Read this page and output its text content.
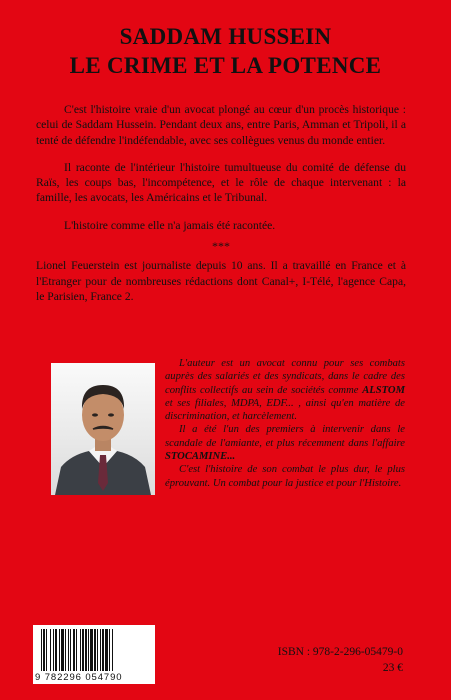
SADDAM HUSSEIN
LE CRIME ET LA POTENCE

C'est l'histoire vraie d'un avocat plongé au cœur d'un procès historique : celui de Saddam Hussein. Pendant deux ans, entre Paris, Amman et Tripoli, il a tenté de défendre l'indéfendable, avec ses collègues venus du monde entier.

Il raconte de l'intérieur l'histoire tumultueuse du comité de défense du Raïs, les coups bas, l'incompétence, et le rôle de chaque intervenant : la famille, les avocats, les Américains et le Tribunal.

L'histoire comme elle n'a jamais été racontée.

***

Lionel Feuerstein est journaliste depuis 10 ans. Il a travaillé en France et à l'Etranger pour de nombreuses rédactions dont Canal+, I-Télé, l'agence Capa, le Parisien, France 2.

L'auteur est un avocat connu pour ses combats auprès des salariés et des syndicats, dans le cadre des conflits collectifs au sein de sociétés comme ALSTOM et ses filiales, MDPA, EDF... , ainsi qu'en matière de discrimination, et harcèlement.

Il a été l'un des premiers à intervenir dans le scandale de l'amiante, et plus récemment dans l'affaire STOCAMINE...

C'est l'histoire de son combat le plus dur, le plus éprouvant. Un combat pour la justice et pour l'Histoire.

9 782296 054790
ISBN : 978-2-296-05479-0
23 €
